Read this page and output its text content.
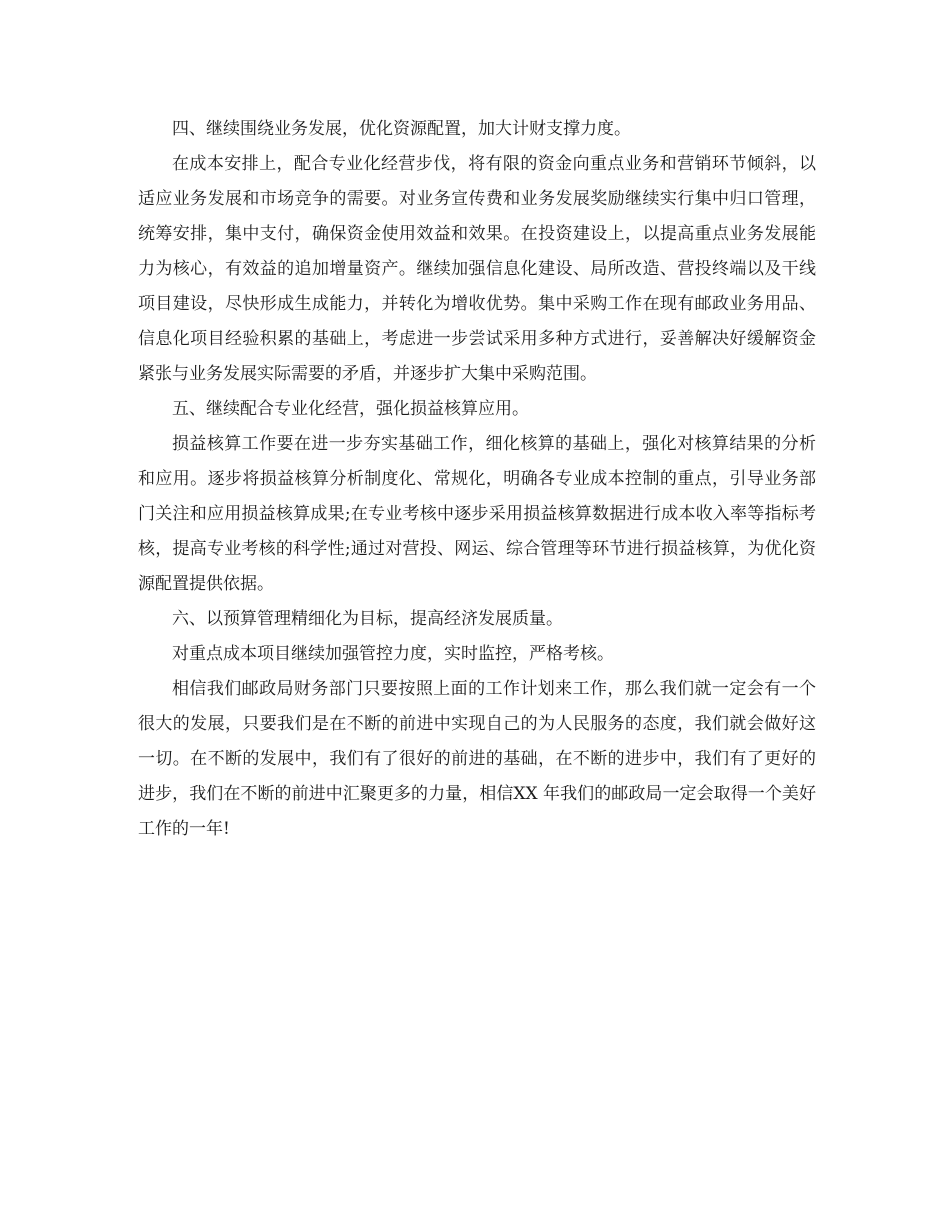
四、继续围绕业务发展，优化资源配置，加大计财支撑力度。

在成本安排上，配合专业化经营步伐，将有限的资金向重点业务和营销环节倾斜，以适应业务发展和市场竞争的需要。对业务宣传费和业务发展奖励继续实行集中归口管理，统筹安排，集中支付，确保资金使用效益和效果。在投资建设上，以提高重点业务发展能力为核心，有效益的追加增量资产。继续加强信息化建设、局所改造、营投终端以及干线项目建设，尽快形成生成能力，并转化为增收优势。集中采购工作在现有邮政业务用品、信息化项目经验积累的基础上，考虑进一步尝试采用多种方式进行，妥善解决好缓解资金紧张与业务发展实际需要的矛盾，并逐步扩大集中采购范围。

五、继续配合专业化经营，强化损益核算应用。

损益核算工作要在进一步夯实基础工作，细化核算的基础上，强化对核算结果的分析和应用。逐步将损益核算分析制度化、常规化，明确各专业成本控制的重点，引导业务部门关注和应用损益核算成果;在专业考核中逐步采用损益核算数据进行成本收入率等指标考核，提高专业考核的科学性;通过对营投、网运、综合管理等环节进行损益核算，为优化资源配置提供依据。

六、以预算管理精细化为目标，提高经济发展质量。

对重点成本项目继续加强管控力度，实时监控，严格考核。

相信我们邮政局财务部门只要按照上面的工作计划来工作，那么我们就一定会有一个很大的发展，只要我们是在不断的前进中实现自己的为人民服务的态度，我们就会做好这一切。在不断的发展中，我们有了很好的前进的基础，在不断的进步中，我们有了更好的进步，我们在不断的前进中汇聚更多的力量，相信XX 年我们的邮政局一定会取得一个美好工作的一年!
